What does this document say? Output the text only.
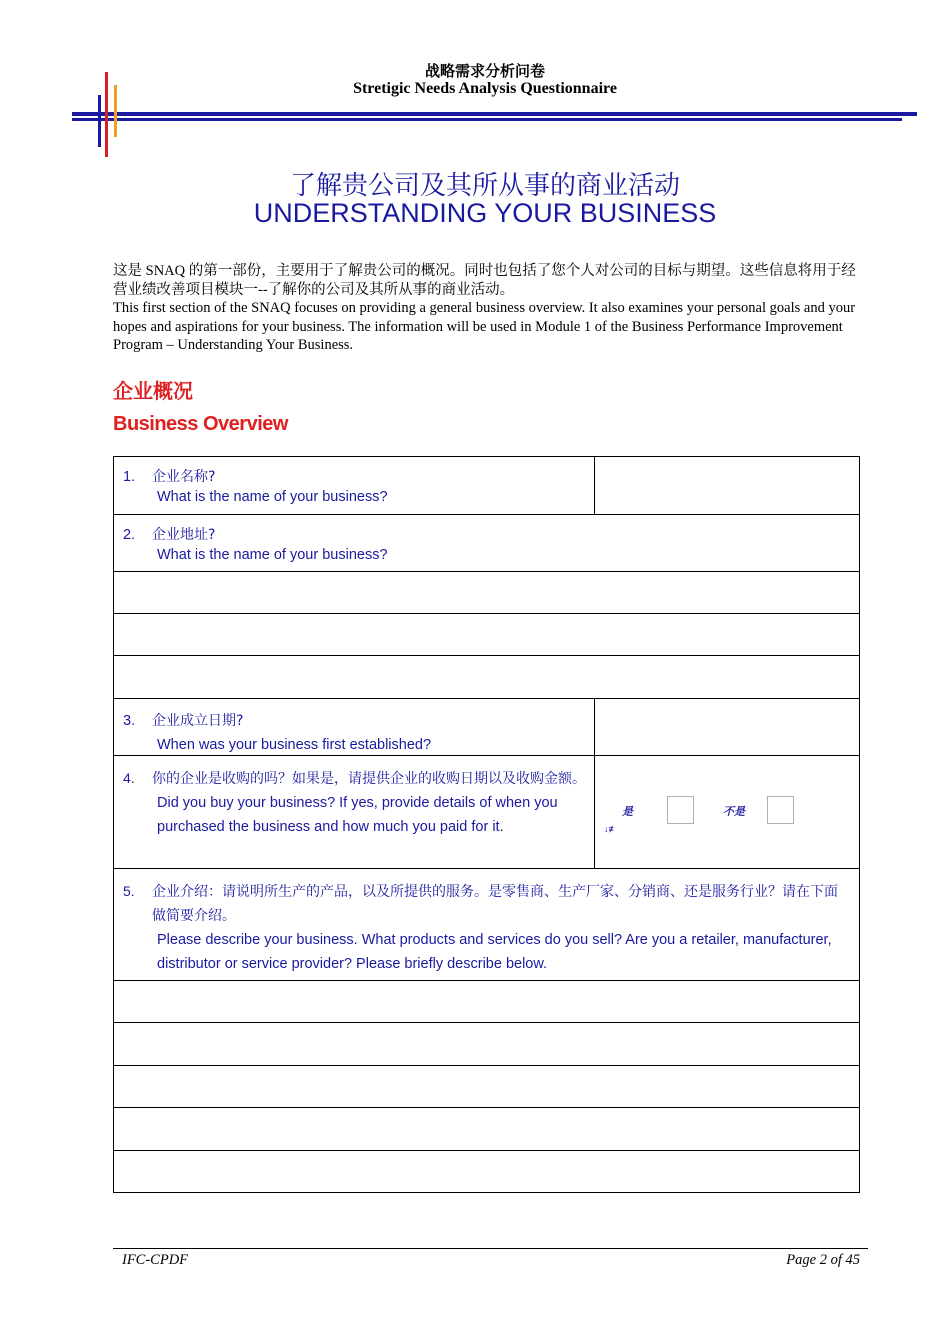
战略需求分析问卷
Stretigic Needs Analysis Questionnaire
了解贵公司及其所从事的商业活动
UNDERSTANDING YOUR BUSINESS

这是 SNAQ 的第一部份，主要用于了解贵公司的概况。同时也包括了您个人对公司的目标与期望。这些信息将用于经营业绩改善项目模块一--了解你的公司及其所从事的商业活动。

This first section of the SNAQ focuses on providing a general business overview. It also examines your personal goals and your hopes and aspirations for your business. The information will be used in Module 1 of the Business Performance Improvement Program – Understanding Your Business.

企业概况
Business Overview
1. 企业名称?
What is the name of your business?
2. 企业地址?
What is the name of your business?
3. 企业成立日期?
When was your business first established?
4. 你的企业是收购的吗？如果是，请提供企业的收购日期以及收购金额。
Did you buy your business? If yes, provide details of when you purchased the business and how much you paid for it.
是
↓≢
不是
5. 企业介绍：请说明所生产的产品，以及所提供的服务。是零售商、生产厂家、分销商、还是服务行业？请在下面做简要介绍。
Please describe your business. What products and services do you sell? Are you a retailer, manufacturer, distributor or service provider? Please briefly describe below.
IFC-CPDF	Page 2 of 45
